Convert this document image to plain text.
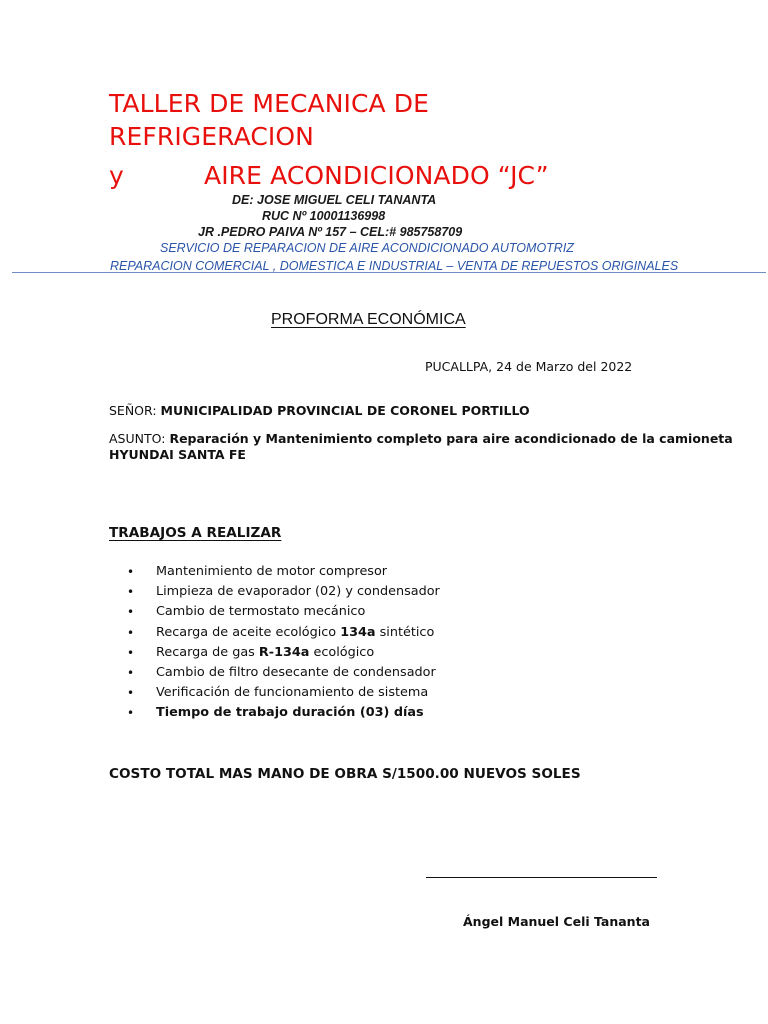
TALLER DE MECANICA DE
REFRIGERACION
y	AIRE ACONDICIONADO “JC”
DE: JOSE MIGUEL CELI TANANTA
RUC Nº 10001136998
JR .PEDRO PAIVA Nº 157 – CEL:# 985758709
SERVICIO DE REPARACION DE AIRE ACONDICIONADO AUTOMOTRIZ
REPARACION COMERCIAL , DOMESTICA E INDUSTRIAL – VENTA DE REPUESTOS ORIGINALES
PROFORMA ECONÓMICA
PUCALLPA, 24 de Marzo del 2022
SEÑOR: MUNICIPALIDAD PROVINCIAL DE CORONEL PORTILLO
ASUNTO: Reparación y Mantenimiento completo para aire acondicionado de la camioneta
HYUNDAI SANTA FE
TRABAJOS A REALIZAR
• Mantenimiento de motor compresor
• Limpieza de evaporador (02) y condensador
• Cambio de termostato mecánico
• Recarga de aceite ecológico 134a sintético
• Recarga de gas R-134a ecológico
• Cambio de filtro desecante de condensador
• Verificación de funcionamiento de sistema
• Tiempo de trabajo duración (03) días
COSTO TOTAL MAS MANO DE OBRA S/1500.00 NUEVOS SOLES
Ángel Manuel Celi Tananta
